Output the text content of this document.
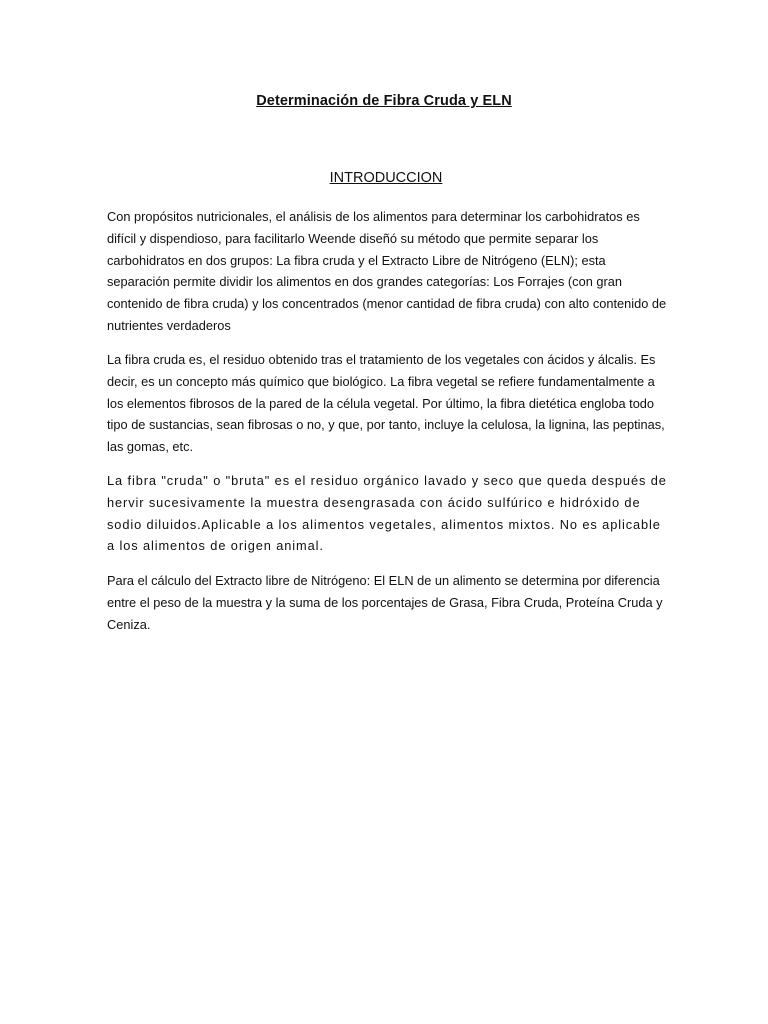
Determinación de Fibra Cruda y ELN
INTRODUCCION

Con propósitos nutricionales, el análisis de los alimentos para determinar los carbohidratos es difícil y dispendioso, para facilitarlo Weende diseñó su método que permite separar los carbohidratos en dos grupos: La fibra cruda y el Extracto Libre de Nitrógeno (ELN); esta separación permite dividir los alimentos en dos grandes categorías: Los Forrajes (con gran contenido de fibra cruda) y los concentrados (menor cantidad de fibra cruda) con alto contenido de nutrientes verdaderos

La fibra cruda es, el residuo obtenido tras el tratamiento de los vegetales con ácidos y álcalis. Es decir, es un concepto más químico que biológico. La fibra vegetal se refiere fundamentalmente a los elementos fibrosos de la pared de la célula vegetal. Por último, la fibra dietética engloba todo tipo de sustancias, sean fibrosas o no, y que, por tanto, incluye la celulosa, la lignina, las peptinas, las gomas, etc.

La fibra "cruda" o "bruta" es el residuo orgánico lavado y seco que queda después de hervir sucesivamente la muestra desengrasada con ácido sulfúrico e hidróxido de sodio diluidos.Aplicable a los alimentos vegetales, alimentos mixtos. No es aplicable a los alimentos de origen animal.

Para el cálculo del Extracto libre de Nitrógeno: El ELN de un alimento se determina por diferencia entre el peso de la muestra y la suma de los porcentajes de Grasa, Fibra Cruda, Proteína Cruda y Ceniza.
